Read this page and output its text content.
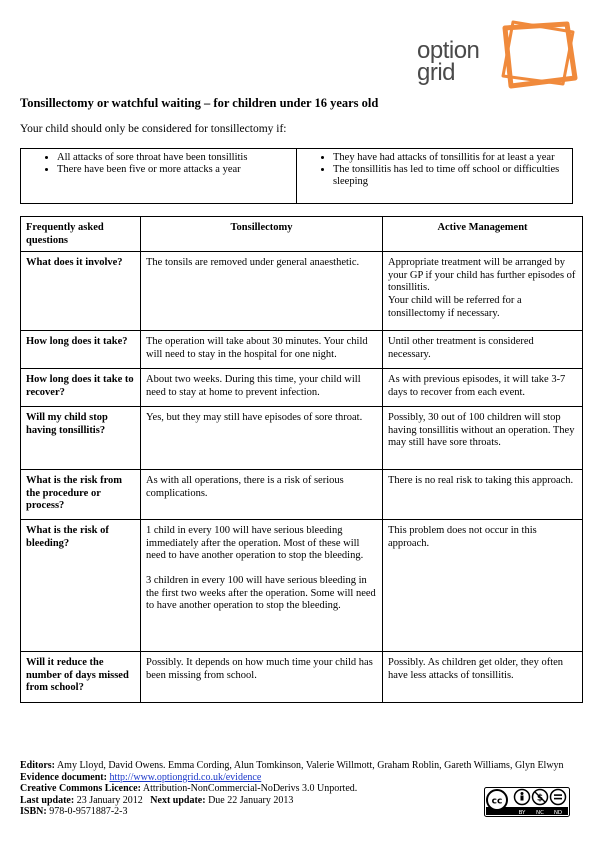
option
grid
Tonsillectomy or watchful waiting – for children under 16 years old
Your child should only be considered for tonsillectomy if:
• All attacks of sore throat have been tonsillitis
• There have been five or more attacks a year
• They have had attacks of tonsillitis for at least a year
• The tonsillitis has led to time off school or difficulties sleeping
Frequently asked questions	Tonsillectomy	Active Management
What does it involve?	The tonsils are removed under general anaesthetic.	Appropriate treatment will be arranged by your GP if your child has further episodes of tonsillitis.

Your child will be referred for a tonsillectomy if necessary.

How long does it take?	The operation will take about 30 minutes. Your child will need to stay in the hospital for one night.	Until other treatment is considered necessary.

How long does it take to recover?	About two weeks. During this time, your child will need to stay at home to prevent infection.	As with previous episodes, it will take 3-7 days to recover from each event.

Will my child stop having tonsillitis?	Yes, but they may still have episodes of sore throat.	Possibly, 30 out of 100 children will stop having tonsillitis without an operation. They may still have sore throats.

What is the risk from the procedure or process?	As with all operations, there is a risk of serious complications.	There is no real risk to taking this approach.

What is the risk of bleeding?	1 child in every 100 will have serious bleeding immediately after the operation. Most of these will need to have another operation to stop the bleeding.

3 children in every 100 will have serious bleeding in the first two weeks after the operation. Some will need to have another operation to stop the bleeding.	This problem does not occur in this approach.

Will it reduce the number of days missed from school?	Possibly. It depends on how much time your child has been missing from school.	Possibly. As children get older, they often have less attacks of tonsillitis.

Editors: Amy Lloyd, David Owens. Emma Cording, Alun Tomkinson, Valerie Willmott, Graham Roblin, Gareth Williams, Glyn Elwyn
Evidence document: http://www.optiongrid.co.uk/evidence
Creative Commons Licence: Attribution-NonCommercial-NoDerivs 3.0 Unported.
Last update: 23 January 2012 Next update: Due 22 January 2013
ISBN: 978-0-9571887-2-3
cc	$
BY NC ND
